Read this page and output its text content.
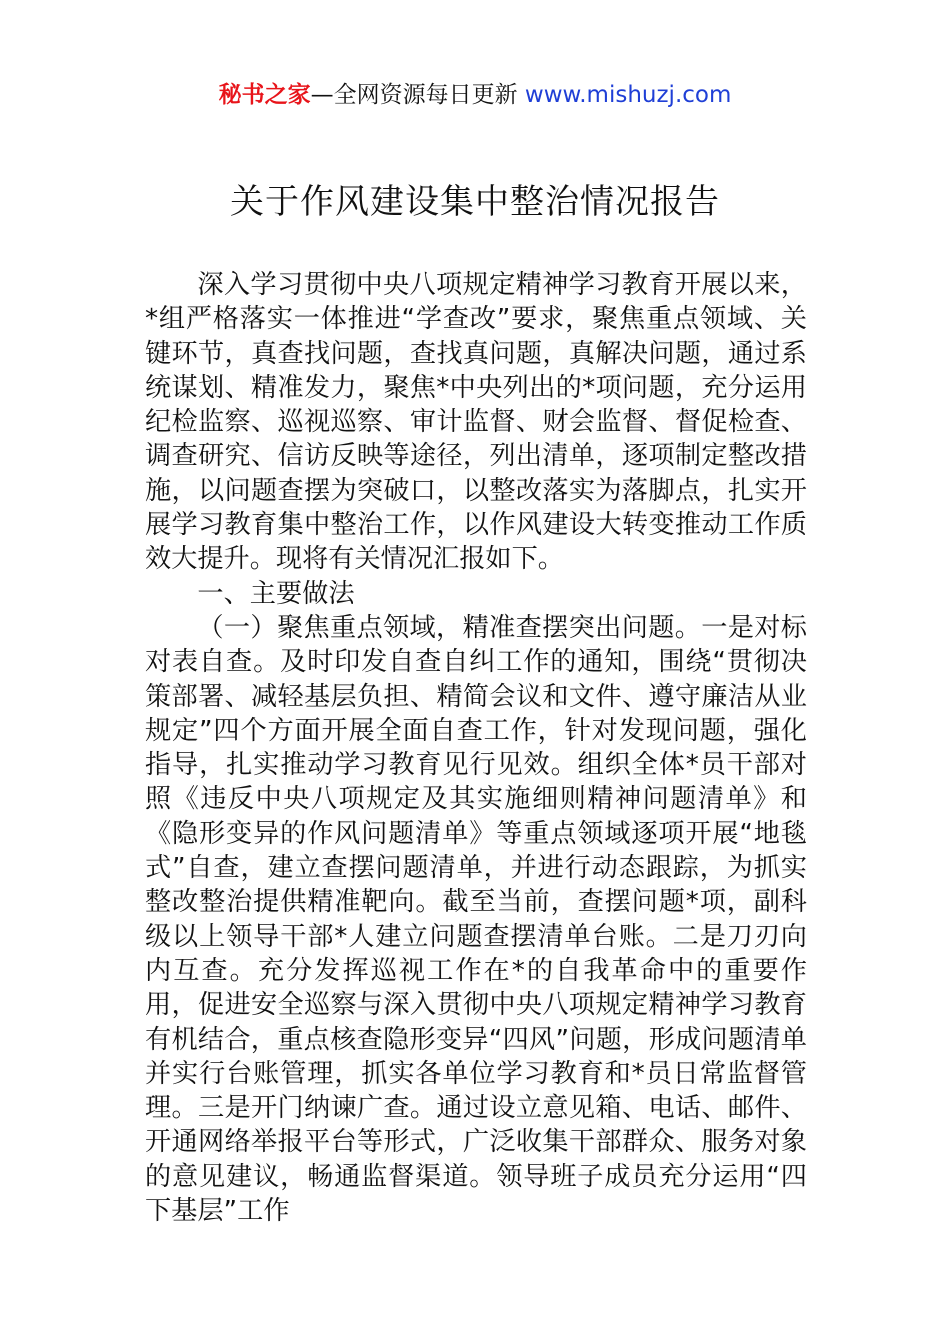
秘书之家—全网资源每日更新 www.mishuzj.com
关于作风建设集中整治情况报告

深入学习贯彻中央八项规定精神学习教育开展以来，*组严格落实一体推进“学查改”要求，聚焦重点领域、关键环节，真查找问题，查找真问题，真解决问题，通过系统谋划、精准发力，聚焦*中央列出的*项问题，充分运用纪检监察、巡视巡察、审计监督、财会监督、督促检查、调查研究、信访反映等途径，列出清单，逐项制定整改措施，以问题查摆为突破口，以整改落实为落脚点，扎实开展学习教育集中整治工作，以作风建设大转变推动工作质效大提升。现将有关情况汇报如下。

一、主要做法

（一）聚焦重点领域，精准查摆突出问题。一是对标对表自查。及时印发自查自纠工作的通知，围绕“贯彻决策部署、减轻基层负担、精简会议和文件、遵守廉洁从业规定”四个方面开展全面自查工作，针对发现问题，强化指导，扎实推动学习教育见行见效。组织全体*员干部对照《违反中央八项规定及其实施细则精神问题清单》和《隐形变异的作风问题清单》等重点领域逐项开展“地毯式”自查，建立查摆问题清单，并进行动态跟踪，为抓实整改整治提供精准靶向。截至当前，查摆问题*项，副科级以上领导干部*人建立问题查摆清单台账。二是刀刃向内互查。充分发挥巡视工作在*的自我革命中的重要作用，促进安全巡察与深入贯彻中央八项规定精神学习教育有机结合，重点核查隐形变异“四风”问题，形成问题清单并实行台账管理，抓实各单位学习教育和*员日常监督管理。三是开门纳谏广查。通过设立意见箱、电话、邮件、开通网络举报平台等形式，广泛收集干部群众、服务对象的意见建议，畅通监督渠道。领导班子成员充分运用“四下基层”工作
